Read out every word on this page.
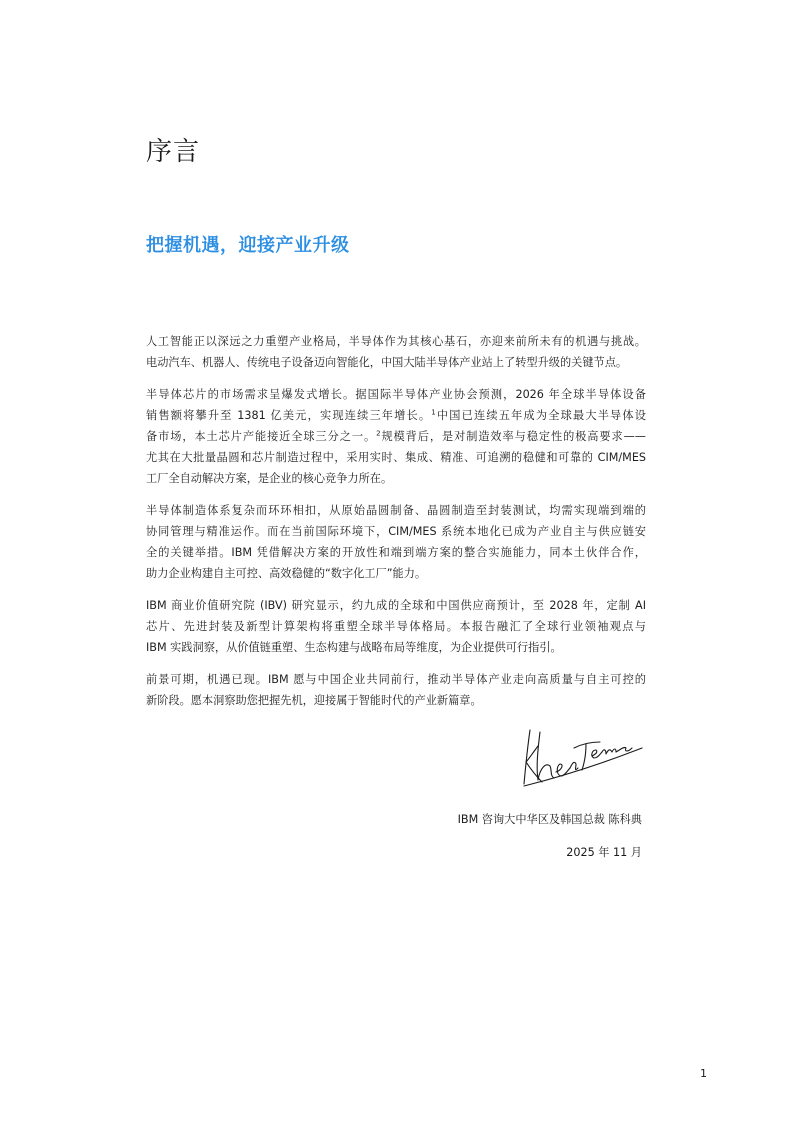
序言
把握机遇，迎接产业升级

人工智能正以深远之力重塑产业格局，半导体作为其核心基石，亦迎来前所未有的机遇与挑战。
电动汽车、机器人、传统电子设备迈向智能化，中国大陆半导体产业站上了转型升级的关键节点。

半导体芯片的市场需求呈爆发式增长。据国际半导体产业协会预测，2026 年全球半导体设备
销售额将攀升至 1381 亿美元，实现连续三年增长。$^1$中国已连续五年成为全球最大半导体设
备市场，本土芯片产能接近全球三分之一。$^2$规模背后，是对制造效率与稳定性的极高要求——
尤其在大批量晶圆和芯片制造过程中，采用实时、集成、精准、可追溯的稳健和可靠的 CIM/MES
工厂全自动解决方案，是企业的核心竞争力所在。

半导体制造体系复杂而环环相扣，从原始晶圆制备、晶圆制造至封装测试，均需实现端到端的
协同管理与精准运作。而在当前国际环境下，CIM/MES 系统本地化已成为产业自主与供应链安
全的关键举措。IBM 凭借解决方案的开放性和端到端方案的整合实施能力，同本土伙伴合作，
助力企业构建自主可控、高效稳健的“数字化工厂”能力。

IBM 商业价值研究院 (IBV) 研究显示，约九成的全球和中国供应商预计，至 2028 年，定制 AI
芯片、先进封装及新型计算架构将重塑全球半导体格局。本报告融汇了全球行业领袖观点与
IBM 实践洞察，从价值链重塑、生态构建与战略布局等维度，为企业提供可行指引。

前景可期，机遇已现。IBM 愿与中国企业共同前行，推动半导体产业走向高质量与自主可控的
新阶段。愿本洞察助您把握先机，迎接属于智能时代的产业新篇章。

IBM 咨询大中华区及韩国总裁 陈科典
2025 年 11 月
1
